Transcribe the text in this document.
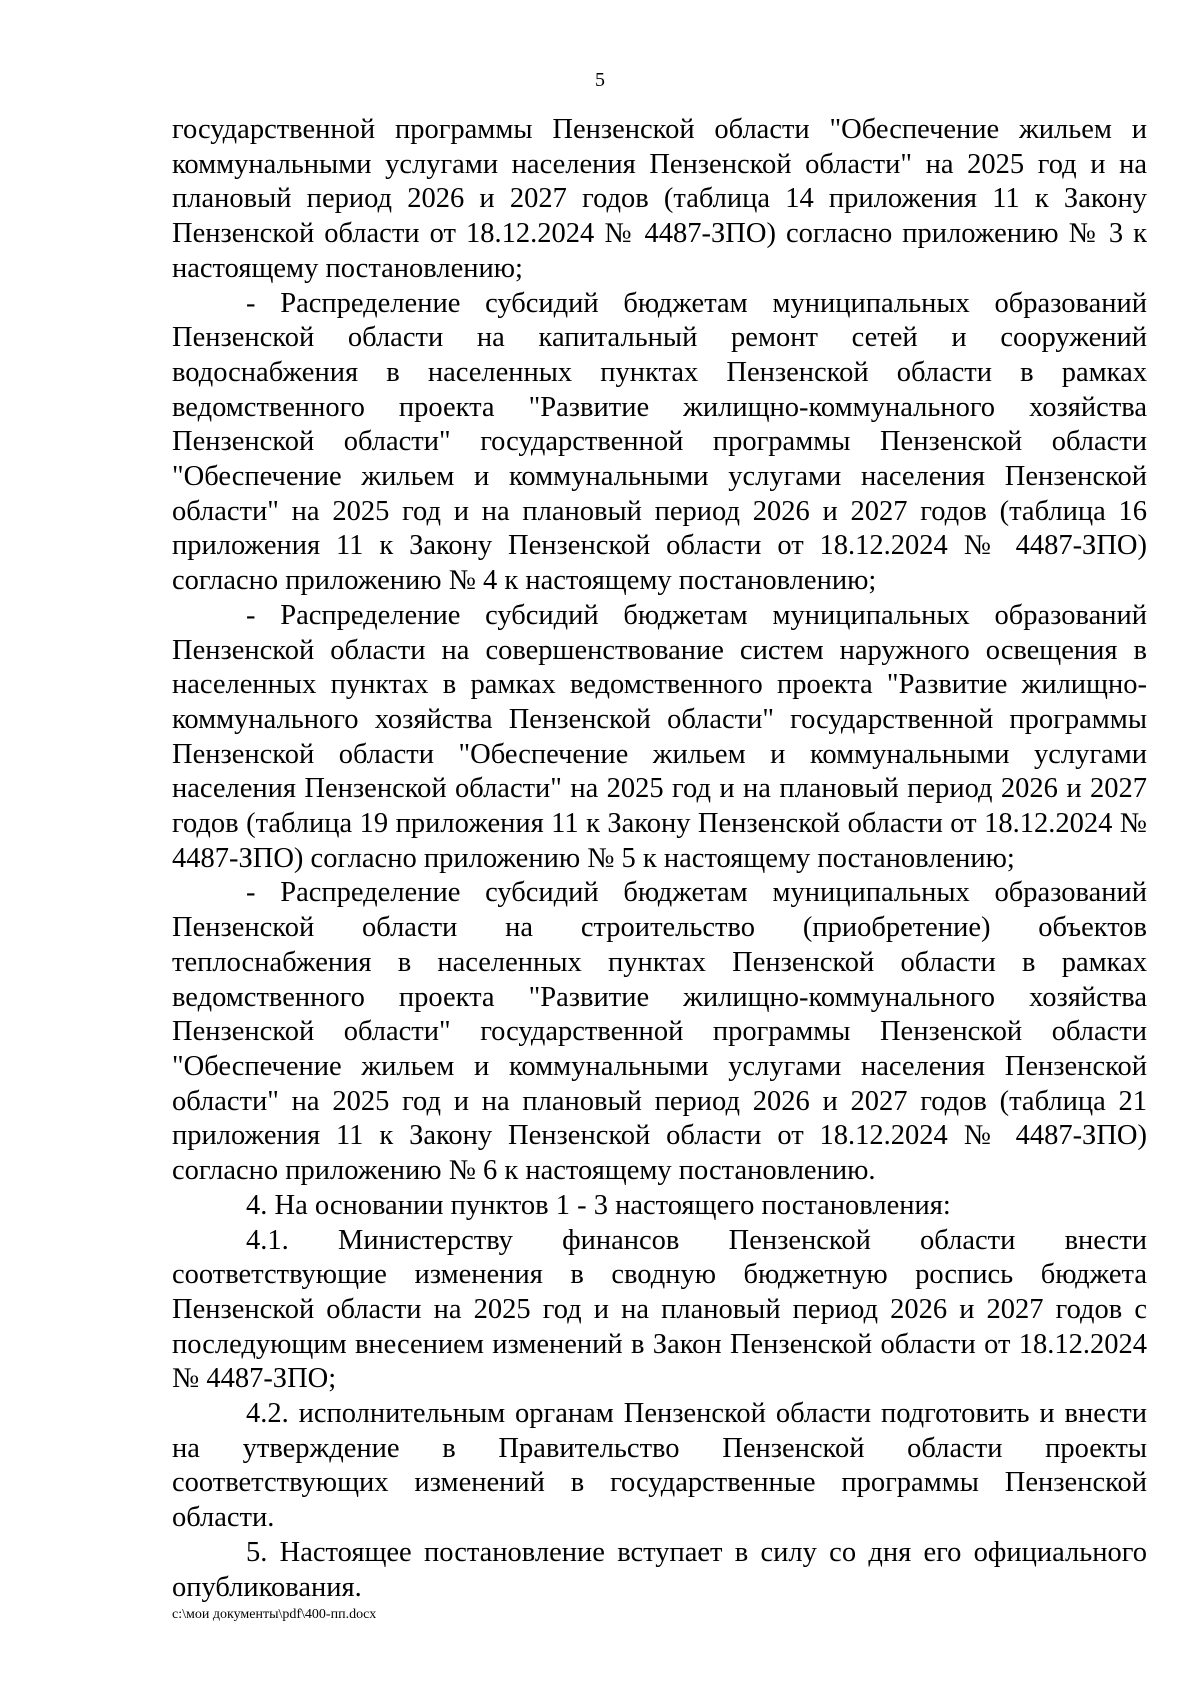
5

государственной программы Пензенской области "Обеспечение жильем и коммунальными услугами населения Пензенской области" на 2025 год и на плановый период 2026 и 2027 годов (таблица 14 приложения 11 к Закону Пензенской области от 18.12.2024 № 4487-ЗПО) согласно приложению № 3 к настоящему постановлению;

- Распределение субсидий бюджетам муниципальных образований Пензенской области на капитальный ремонт сетей и сооружений водоснабжения в населенных пунктах Пензенской области в рамках ведомственного проекта "Развитие жилищно-коммунального хозяйства Пензенской области" государственной программы Пензенской области "Обеспечение жильем и коммунальными услугами населения Пензенской области" на 2025 год и на плановый период 2026 и 2027 годов (таблица 16 приложения 11 к Закону Пензенской области от 18.12.2024 № 4487-ЗПО) согласно приложению № 4 к настоящему постановлению;

- Распределение субсидий бюджетам муниципальных образований Пензенской области на совершенствование систем наружного освещения в населенных пунктах в рамках ведомственного проекта "Развитие жилищно-коммунального хозяйства Пензенской области" государственной программы Пензенской области "Обеспечение жильем и коммунальными услугами населения Пензенской области" на 2025 год и на плановый период 2026 и 2027 годов (таблица 19 приложения 11 к Закону Пензенской области от 18.12.2024 № 4487-ЗПО) согласно приложению № 5 к настоящему постановлению;

- Распределение субсидий бюджетам муниципальных образований Пензенской области на строительство (приобретение) объектов теплоснабжения в населенных пунктах Пензенской области в рамках ведомственного проекта "Развитие жилищно-коммунального хозяйства Пензенской области" государственной программы Пензенской области "Обеспечение жильем и коммунальными услугами населения Пензенской области" на 2025 год и на плановый период 2026 и 2027 годов (таблица 21 приложения 11 к Закону Пензенской области от 18.12.2024 № 4487-ЗПО) согласно приложению № 6 к настоящему постановлению.

4. На основании пунктов 1 - 3 настоящего постановления:

4.1. Министерству финансов Пензенской области внести соответствующие изменения в сводную бюджетную роспись бюджета Пензенской области на 2025 год и на плановый период 2026 и 2027 годов с последующим внесением изменений в Закон Пензенской области от 18.12.2024 № 4487-ЗПО;

4.2. исполнительным органам Пензенской области подготовить и внести на утверждение в Правительство Пензенской области проекты соответствующих изменений в государственные программы Пензенской области.

5. Настоящее постановление вступает в силу со дня его официального опубликования.

c:\мои документы\pdf\400-пп.docx
